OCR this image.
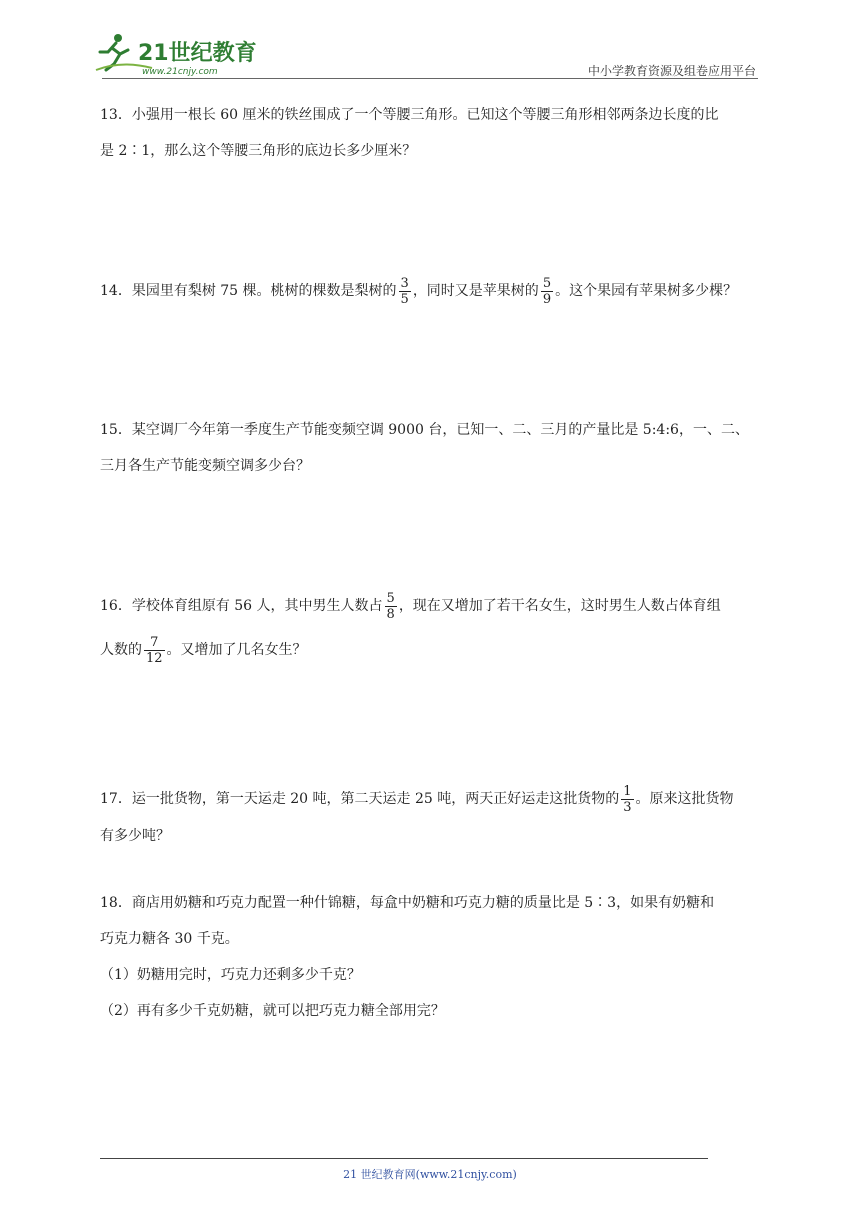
21世纪教育
www.21cnjy.com	中小学教育资源及组卷应用平台
13．小强用一根长 60 厘米的铁丝围成了一个等腰三角形。已知这个等腰三角形相邻两条边长度的比
是 2∶1，那么这个等腰三角形的底边长多少厘米？
14．果园里有梨树 75 棵。桃树的棵数是梨树的 $\frac{3}{5}$ ，同时又是苹果树的 $\frac{5}{9}$ 。这个果园有苹果树多少棵？
15．某空调厂今年第一季度生产节能变频空调 9000 台，已知一、二、三月的产量比是 5:4:6，一、二、
三月各生产节能变频空调多少台？
16．学校体育组原有 56 人，其中男生人数占 $\frac{5}{8}$ ，现在又增加了若干名女生，这时男生人数占体育组
人数的 $\frac{7}{12}$ 。又增加了几名女生？
17．运一批货物，第一天运走 20 吨，第二天运走 25 吨，两天正好运走这批货物的 $\frac{1}{3}$ 。原来这批货物
有多少吨？
18．商店用奶糖和巧克力配置一种什锦糖，每盒中奶糖和巧克力糖的质量比是 5∶3，如果有奶糖和
巧克力糖各 30 千克。
（1）奶糖用完时，巧克力还剩多少千克？
（2）再有多少千克奶糖，就可以把巧克力糖全部用完？
21 世纪教育网(www.21cnjy.com)
